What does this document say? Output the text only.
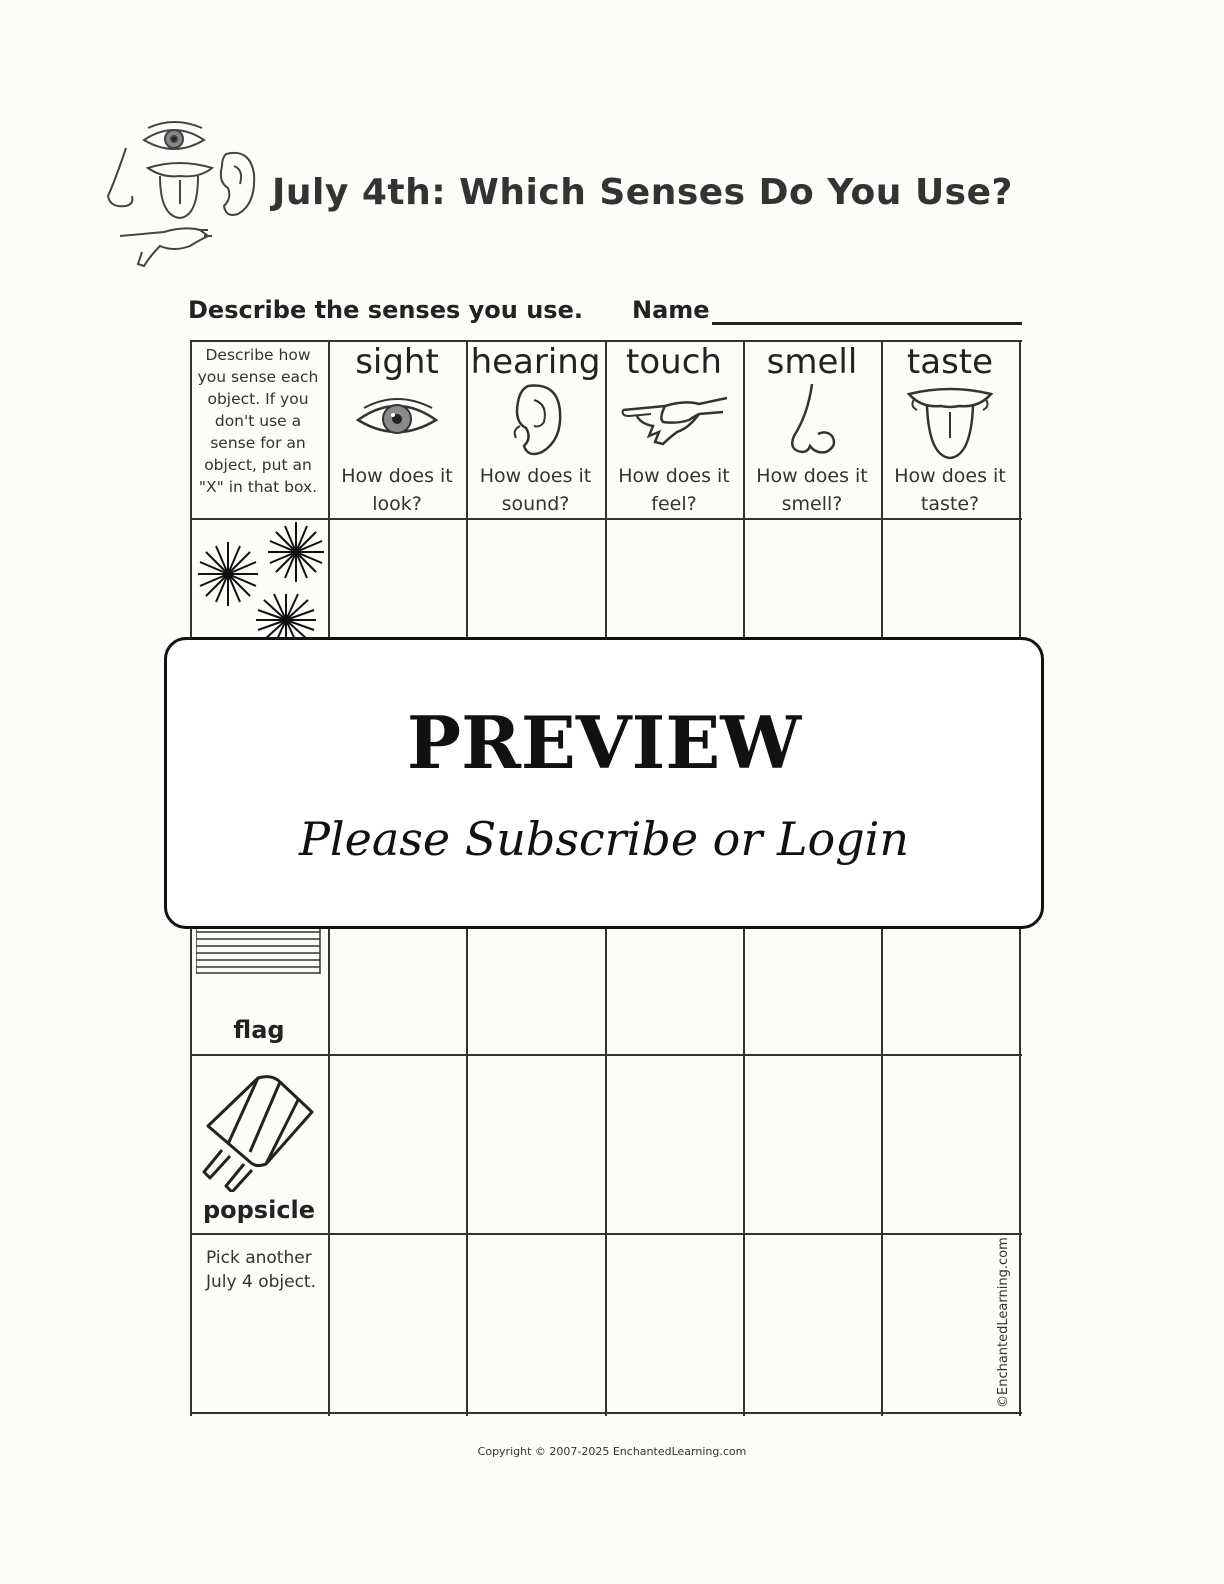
July 4th: Which Senses Do You Use?
Describe the senses you use. Name
Describe how you sense each object. If you don't use a sense for an object, put an "X" in that box.
sight
How does it look?
hearing
How does it sound?
touch
How does it feel?
smell
How does it smell?
taste
How does it taste?
flag
popsicle
Pick another July 4 object.	©EnchantedLearning.com
PREVIEW
Please Subscribe or Login
Copyright © 2007-2025 EnchantedLearning.com
